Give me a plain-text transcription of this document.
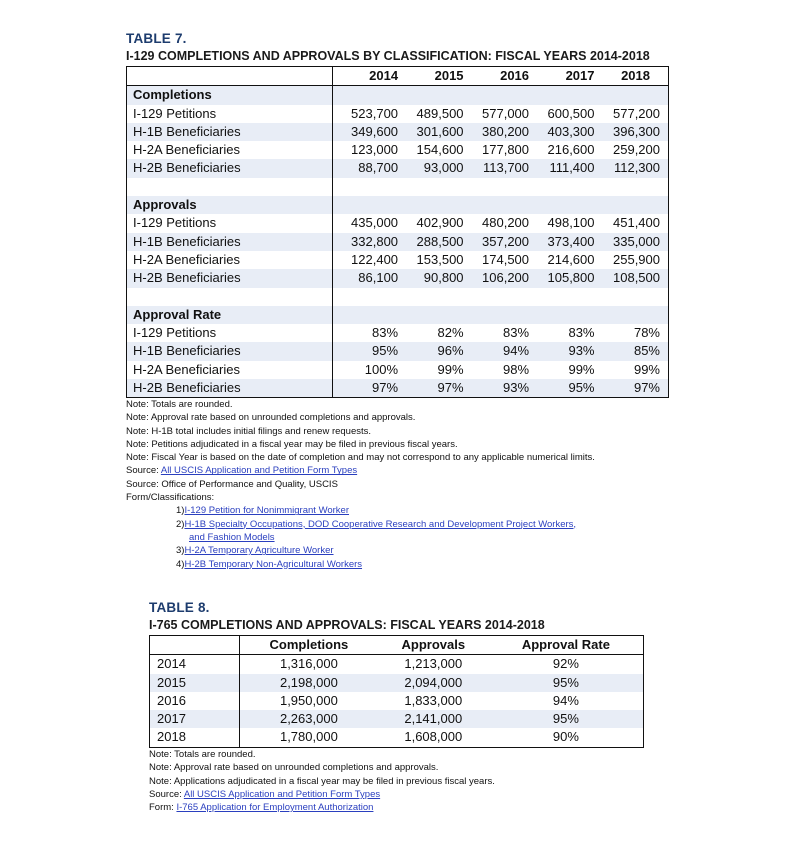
TABLE 7.
I-129 COMPLETIONS AND APPROVALS BY CLASSIFICATION: FISCAL YEARS 2014-2018
	2014	2015	2016	2017	2018
Completions					
I-129 Petitions	523,700	489,500	577,000	600,500	577,200
H-1B Beneficiaries	349,600	301,600	380,200	403,300	396,300
H-2A Beneficiaries	123,000	154,600	177,800	216,600	259,200
H-2B Beneficiaries	88,700	93,000	113,700	111,400	112,300

Approvals					
I-129 Petitions	435,000	402,900	480,200	498,100	451,400
H-1B Beneficiaries	332,800	288,500	357,200	373,400	335,000
H-2A Beneficiaries	122,400	153,500	174,500	214,600	255,900
H-2B Beneficiaries	86,100	90,800	106,200	105,800	108,500

Approval Rate					
I-129 Petitions	83%	82%	83%	83%	78%
H-1B Beneficiaries	95%	96%	94%	93%	85%
H-2A Beneficiaries	100%	99%	98%	99%	99%
H-2B Beneficiaries	97%	97%	93%	95%	97%
Note: Totals are rounded.
Note: Approval rate based on unrounded completions and approvals.
Note: H-1B total includes initial filings and renew requests.
Note: Petitions adjudicated in a fiscal year may be filed in previous fiscal years.
Note: Fiscal Year is based on the date of completion and may not correspond to any applicable numerical limits.
Source: All USCIS Application and Petition Form Types
Source: Office of Performance and Quality, USCIS
Form/Classifications:
1)I-129 Petition for Nonimmigrant Worker
2)H-1B Specialty Occupations, DOD Cooperative Research and Development Project Workers,
and Fashion Models
3)H-2A Temporary Agriculture Worker
4)H-2B Temporary Non-Agricultural Workers
TABLE 8.
I-765 COMPLETIONS AND APPROVALS: FISCAL YEARS 2014-2018
	Completions	Approvals	Approval Rate
2014	1,316,000	1,213,000	92%
2015	2,198,000	2,094,000	95%
2016	1,950,000	1,833,000	94%
2017	2,263,000	2,141,000	95%
2018	1,780,000	1,608,000	90%
Note: Totals are rounded.
Note: Approval rate based on unrounded completions and approvals.
Note: Applications adjudicated in a fiscal year may be filed in previous fiscal years.
Source: All USCIS Application and Petition Form Types
Form: I-765 Application for Employment Authorization
